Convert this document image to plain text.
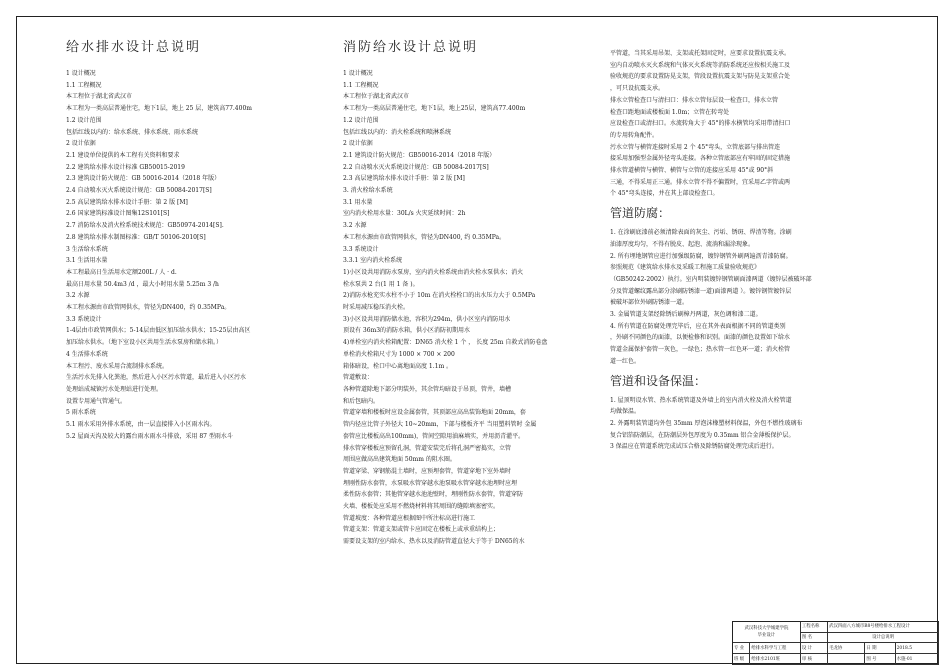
给水排水设计总说明
1 设计概况
1.1 工程概况
本工程位于湖北省武汉市
本工程为一类高层普通住宅，地下1层，地上 25 层，建筑高77.400m
1.2 设计范围
包括红线以内的：给水系统、排水系统、雨水系统
2 设计依据
2.1 建设单位提供的本工程有关资料和要求
2.2 建筑给水排水设计标准 GB50015-2019
2.3 建筑设计防火规范：GB 50016-2014（2018 年版）
2.4 自动喷水灭火系统设计规范：GB 50084-2017[S]
2.5 高层建筑给水排水设计手册：第 2 版 [M]
2.6 国家建筑标准设计图集12S101[S]
2.7 消防给水及消火栓系统技术规范：GB50974-2014[S].
2.8 建筑给水排水制图标准：GB/T 50106-2010[S]
3 生活给水系统
3.1 生活用水量
本工程最高日生活用水定额200L / 人 · d.
最高日用水量 50.4m3 /d ，最大小时用水量 5.25m 3 /h
3.2 水源
本工程水源由市政管网供水，管径为DN400，约 0.35MPa。
3.3 系统设计
1-4层由市政管网供水；5-14层由低区加压给水供水；15-25层由高区
加压给水供水。（地下室设小区共用生活水泵房和储水箱。）
4 生活排水系统
本工程污、废水采用合流制排水系统。
生活污水先排入化粪池，然后进入小区污水管道，最后进入小区污水
处理站成城镇污水处理站进行处理。
设置专用通气管通气。
5 雨水系统
5.1 雨水采用外排水系统，由一层直接排入小区雨水沟。
5.2 屋面天沟及较大的露台雨水雨水斗排放，采用 87 型雨水斗
消防给水设计总说明
1 设计概况
1.1 工程概况
本工程位于湖北省武汉市
本工程为一类高层普通住宅，地下1层，地上25层，建筑高77.400m
1.2 设计范围
包括红线以内的：消火栓系统和喷淋系统
2 设计依据
2.1 建筑设计防火规范：GB50016-2014（2018 年版）
2.2 自动喷水灭火系统设计规范：GB 50084-2017[S]
2.3 高层建筑给水排水设计手册：第 2 版 [M]
3. 消火栓给水系统
3.1 用水量
室内消火栓用水量：30L/s 火灾延续时间：2h
3.2 水源
本工程水源由市政管网供水，管径为DN400, 约 0.35MPa。
3.3 系统设计
3.3.1 室内消火栓系统
1)小区设共用消防水泵房，室内消火栓系统由消火栓水泵供水；消火
栓水泵共 2 台(1 用 1 备 )。
2)消防水枪充实水柱不小于 10m 在消火栓栓口的出水压力大于 0.5MPa
时采用减压稳压消火栓。
3)小区设共用消防储水池，容积为294m，供小区室内消防用水
顶设有 36m3的消防水箱，供小区消防初期用水
4)单栓室内消火栓箱配置：DN65 消火栓 1 个 ， 长度 25m 自救式消防卷盘
单栓消火栓箱尺寸为 1000 × 700 × 200
箱体暗设，栓口中心离地面高度 1.1m 。
管道敷设：
各种管道除地下部分明装外，其余管均暗设于吊顶，管井，墙槽
和后包暗内。
管道穿墙和楼板时应设金属套管，其顶部应高出装饰地面 20mm，套
管内径应比管子外径大 10~20mm，下部与楼板齐平 当用塑料管时 金属
套管应比楼板高出100mm)，管间空隙用油麻填实，并用沥青灌平。
排水管穿楼板应预留孔洞，管道安装完后将孔洞严密捣实，立管
周围应做高出建筑地面 50mm 的阻水圈。
管道穿梁、穿钢筋混土墙时，应预埋套管，管道穿地下室外墙时
埋刚性防水套管，水泵吸水管穿越水池泵吸水管穿越水池埋时应埋
柔性防水套管；其他管穿越水池池壁时，埋刚性防水套管，管道穿防
火墙、楼板处应采用不燃烧材料将其周围的缝隙填塞密实。
管道坡度：各种管道应根据图中所注标高进行施工
管道支架：管道支架或管卡应固定在楼板上或承重结构上；
需要设支架的室内给水、热水以及消防管道直径大于等于 DN65的水
平管道，当其采用吊架、支架或托架固定时，应要求设置抗震支承。
室内自动喷水灭火系统和气体灭火系统等消防系统还应按相关施工及
验收规范的要求设置防晃支架，管段设置抗震支架与防晃支架重合处
，可只设抗震支承。
排水立管检查口与清扫口：排水立管每层设一检查口，排水立管
检查口距地面或楼板面 1.0m；立管在转弯处
应设检查口或清扫口。水流转角大于 45°的排水横管均采用带清扫口
的专用转角配件。
污水立管与横管连接时采用 2 个 45°弯头，立管底部与排出管连
接采用加强型金属外径弯头连接。各种立管底部应有牢固的固定措施
排水管道横管与横管、横管与立管的连接应采用 45°或 90°斜
三通，不得采用正三通。排水立管不得不偏置时，宜采用乙字管或两
个 45°弯头连接，并在其上部设检查口。
管道防腐：
1. 在涂刷底漆前必须清除表面的灰尘、污垢、锈斑、焊渣等物。涂刷
油漆厚度均匀，不得有脱皮、起泡、流淌和漏涂现象。
2. 所有埋地钢管应进行加强级防腐，镀锌钢管外刷两遍沥青漆防腐。
参照规范《建筑给水排水及采暖工程施工质量验收规范》
（GB50242-2002）执行。室内明装镀锌钢管刷面漆两道（镀锌层被破坏部
分及管道螺纹露出部分涂刷防锈漆一道)面漆两道 ）。镀锌钢管镀锌层
被破坏部位外刷防锈漆一道。
3. 金属管道支架经除锈后刷樟丹两道，灰色调和漆二道。
4. 所有管道在防腐处理完毕后，应在其外表面根据不同的管道类别
，外刷不同颜色的面漆，以便检修和识别。面漆的颜色设置如下给水
管道金属保护套管一灰色，一绿色；热水管一红色环一道；消火栓管
道一红色。
管道和设备保温：
1. 屋顶明设水管、热水系统管道及外墙上的室内消火栓及消火栓管道
均做保温。
2. 外露明装管道均外包 35mm 厚泡沫橡塑材料保温，外包不燃性玻璃布
复合铝箔防潮层，在防潮层外包厚度为 0.35mm 铝合金薄板保护层。
3 保温应在管道系统完成试压合格及除锈防腐处理完成后进行。
武汉科技大学城建学院
毕业设计		工程名称	武汉四面八方城市B8号楼给排水工程设计		
		图 名	设计总说明		
专 业	给排水科学与工程	设 计	毛龙协	日 期	2018.5
班 级	给排水2101班	审 核		图 号	水施-01
